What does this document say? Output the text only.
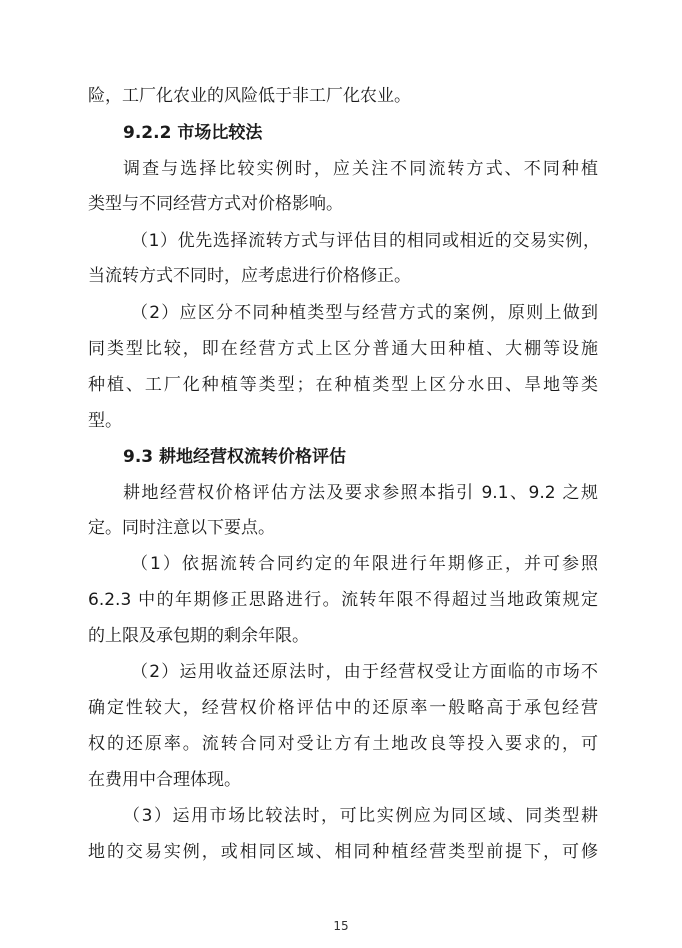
险，工厂化农业的风险低于非工厂化农业。
9.2.2 市场比较法
调查与选择比较实例时，应关注不同流转方式、不同种植
类型与不同经营方式对价格影响。
（1）优先选择流转方式与评估目的相同或相近的交易实例，
当流转方式不同时，应考虑进行价格修正。
（2）应区分不同种植类型与经营方式的案例，原则上做到
同类型比较，即在经营方式上区分普通大田种植、大棚等设施
种植、工厂化种植等类型；在种植类型上区分水田、旱地等类
型。
9.3 耕地经营权流转价格评估
耕地经营权价格评估方法及要求参照本指引 9.1、9.2 之规
定。同时注意以下要点。
（1）依据流转合同约定的年限进行年期修正，并可参照
6.2.3 中的年期修正思路进行。流转年限不得超过当地政策规定
的上限及承包期的剩余年限。
（2）运用收益还原法时，由于经营权受让方面临的市场不
确定性较大，经营权价格评估中的还原率一般略高于承包经营
权的还原率。流转合同对受让方有土地改良等投入要求的，可
在费用中合理体现。
（3）运用市场比较法时，可比实例应为同区域、同类型耕
地的交易实例，或相同区域、相同种植经营类型前提下，可修
15
